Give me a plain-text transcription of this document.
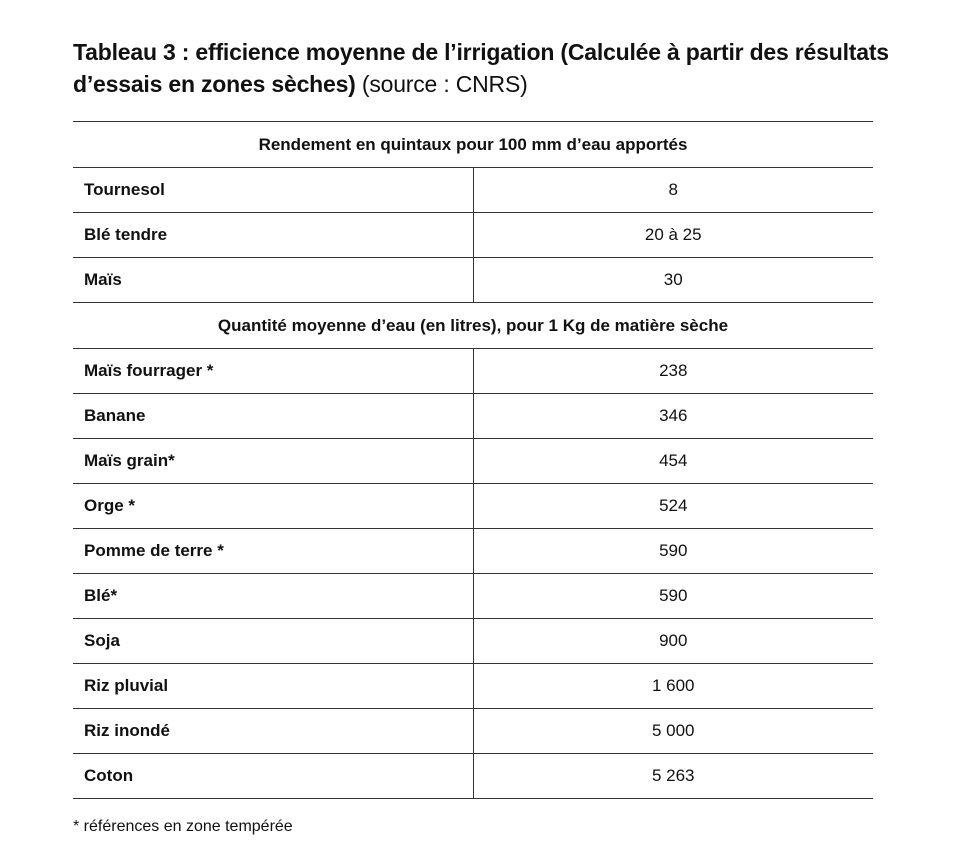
Tableau 3 : efficience moyenne de l’irrigation (Calculée à partir des résultats d’essais en zones sèches) (source : CNRS)
Rendement en quintaux pour 100 mm d’eau apportés	
Tournesol	8
Blé tendre	20 à 25
Maïs	30
Quantité moyenne d’eau (en litres), pour 1 Kg de matière sèche	
Maïs fourrager *	238
Banane	346
Maïs grain*	454
Orge *	524
Pomme de terre *	590
Blé*	590
Soja	900
Riz pluvial	1 600
Riz inondé	5 000
Coton	5 263

* références en zone tempérée
